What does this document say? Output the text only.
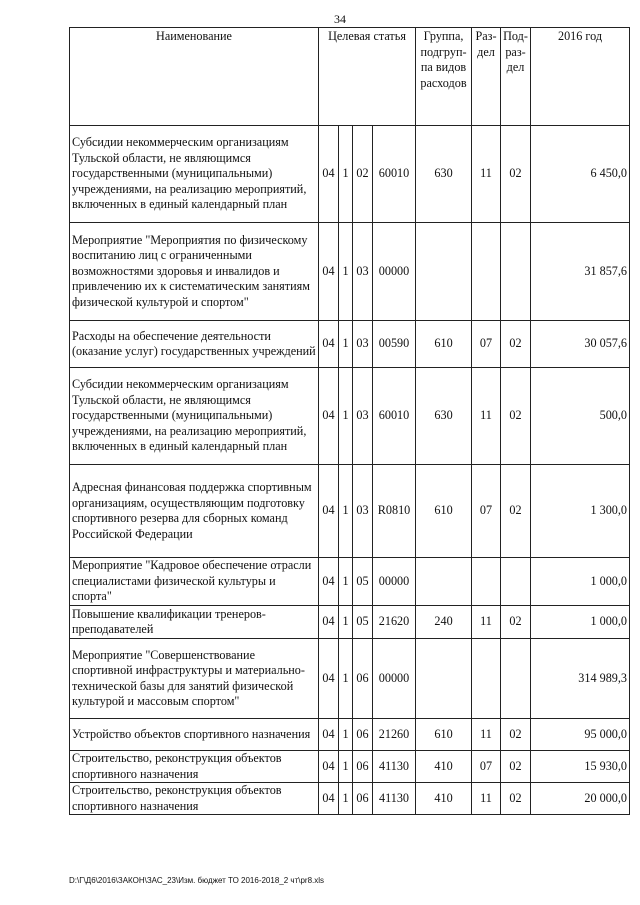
34
Наименование	Целевая статья				Группа, подгруп-па видов расходов	Раз-дел	Под-раз-дел	2016 год
Субсидии некоммерческим организациям Тульской области, не являющимся государственными (муниципальными) учреждениями, на реализацию мероприятий, включенных в единый календарный план	04	1	02	60010	630	11	02	6 450,0
Мероприятие "Мероприятия по физическому воспитанию лиц с ограниченными возможностями здоровья и инвалидов и привлечению их к систематическим занятиям физической культурой и спортом"	04	1	03	00000				31 857,6
Расходы на обеспечение деятельности (оказание услуг) государственных учреждений	04	1	03	00590	610	07	02	30 057,6
Субсидии некоммерческим организациям Тульской области, не являющимся государственными (муниципальными) учреждениями, на реализацию мероприятий, включенных в единый календарный план	04	1	03	60010	630	11	02	500,0
Адресная финансовая поддержка спортивным организациям, осуществляющим подготовку спортивного резерва для сборных команд Российской Федерации	04	1	03	R0810	610	07	02	1 300,0
Мероприятие "Кадровое обеспечение отрасли специалистами физической культуры и спорта"	04	1	05	00000				1 000,0
Повышение квалификации тренеров-преподавателей	04	1	05	21620	240	11	02	1 000,0
Мероприятие "Совершенствование спортивной инфраструктуры и материально-технической базы для занятий физической культурой и массовым спортом"	04	1	06	00000				314 989,3
Устройство объектов спортивного назначения	04	1	06	21260	610	11	02	95 000,0
Строительство, реконструкция объектов спортивного назначения	04	1	06	41130	410	07	02	15 930,0
Строительство, реконструкция объектов спортивного назначения	04	1	06	41130	410	11	02	20 000,0
D:\Г\Д6\2016\ЗАКОН\ЗАС_23\Изм. бюджет ТО 2016-2018_2 чт\pr8.xls
